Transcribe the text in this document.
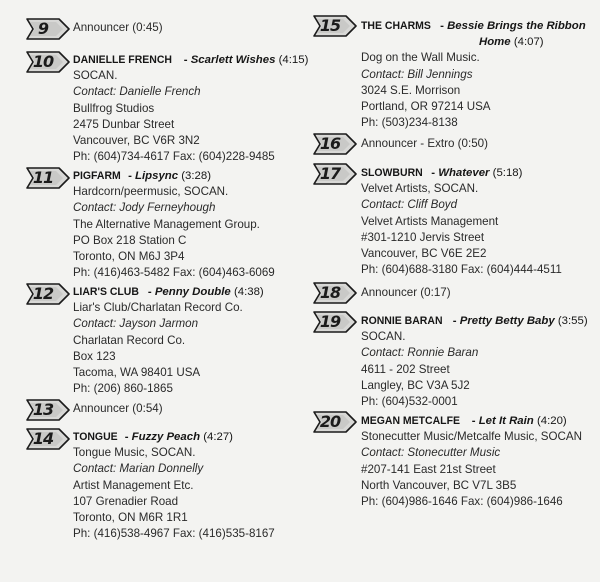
9	Announcer (0:45)
10	DANIELLE FRENCH - Scarlett Wishes (4:15)
SOCAN.
Contact: Danielle French
Bullfrog Studios
2475 Dunbar Street
Vancouver, BC V6R 3N2
Ph: (604)734-4617 Fax: (604)228-9485
11	PIGFARM - Lipsync (3:28)
Hardcorn/peermusic, SOCAN.
Contact: Jody Ferneyhough
The Alternative Management Group.
PO Box 218 Station C
Toronto, ON M6J 3P4
Ph: (416)463-5482 Fax: (604)463-6069
12	LIAR'S CLUB - Penny Double (4:38)
Liar's Club/Charlatan Record Co.
Contact: Jayson Jarmon
Charlatan Record Co.
Box 123
Tacoma, WA 98401 USA
Ph: (206) 860-1865
13	Announcer (0:54)
14	TONGUE - Fuzzy Peach (4:27)
Tongue Music, SOCAN.
Contact: Marian Donnelly
Artist Management Etc.
107 Grenadier Road
Toronto, ON M6R 1R1
Ph: (416)538-4967 Fax: (416)535-8167
15	THE CHARMS - Bessie Brings the Ribbon
Home (4:07)
Dog on the Wall Music.
Contact: Bill Jennings
3024 S.E. Morrison
Portland, OR 97214 USA
Ph: (503)234-8138
16	Announcer - Extro (0:50)
17	SLOWBURN - Whatever (5:18)
Velvet Artists, SOCAN.
Contact: Cliff Boyd
Velvet Artists Management
#301-1210 Jervis Street
Vancouver, BC V6E 2E2
Ph: (604)688-3180 Fax: (604)444-4511
18	Announcer (0:17)
19	RONNIE BARAN - Pretty Betty Baby (3:55)
SOCAN.
Contact: Ronnie Baran
4611 - 202 Street
Langley, BC V3A 5J2
Ph: (604)532-0001
20	MEGAN METCALFE - Let It Rain (4:20)
Stonecutter Music/Metcalfe Music, SOCAN
Contact: Stonecutter Music
#207-141 East 21st Street
North Vancouver, BC V7L 3B5
Ph: (604)986-1646 Fax: (604)986-1646
